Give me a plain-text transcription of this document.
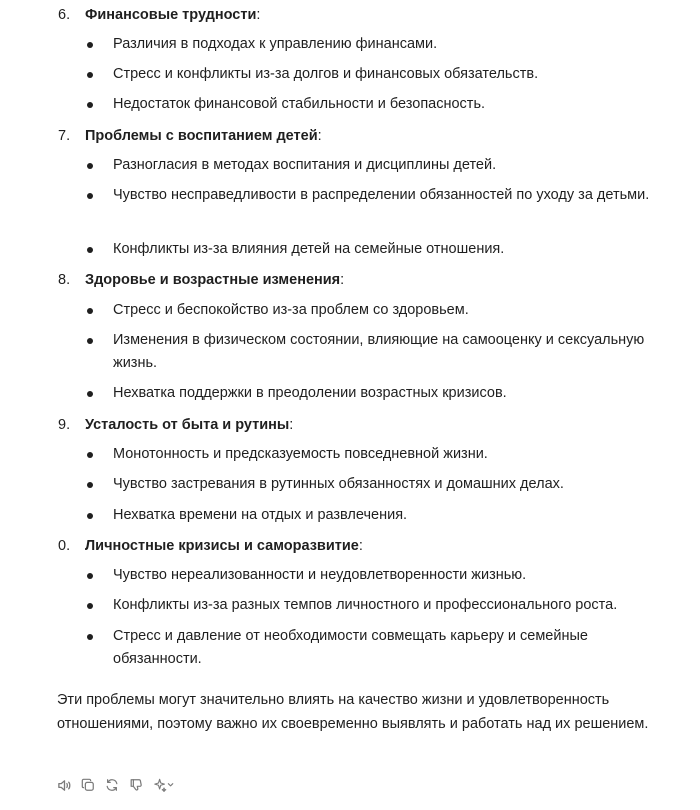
6.	Финансовые трудности:
Различия в подходах к управлению финансами.
Стресс и конфликты из-за долгов и финансовых обязательств.
Недостаток финансовой стабильности и безопасность.
7.	Проблемы с воспитанием детей:
Разногласия в методах воспитания и дисциплины детей.
Чувство несправедливости в распределении обязанностей по уходу за детьми.
Конфликты из-за влияния детей на семейные отношения.
8.	Здоровье и возрастные изменения:
Стресс и беспокойство из-за проблем со здоровьем.
Изменения в физическом состоянии, влияющие на самооценку и сексуальную жизнь.
Нехватка поддержки в преодолении возрастных кризисов.
9.	Усталость от быта и рутины:
Монотонность и предсказуемость повседневной жизни.
Чувство застревания в рутинных обязанностях и домашних делах.
Нехватка времени на отдых и развлечения.
0.	Личностные кризисы и саморазвитие:
Чувство нереализованности и неудовлетворенности жизнью.
Конфликты из-за разных темпов личностного и профессионального роста.
Стресс и давление от необходимости совмещать карьеру и семейные обязанности.
Эти проблемы могут значительно влиять на качество жизни и удовлетворенность отношениями, поэтому важно их своевременно выявлять и работать над их решением.
